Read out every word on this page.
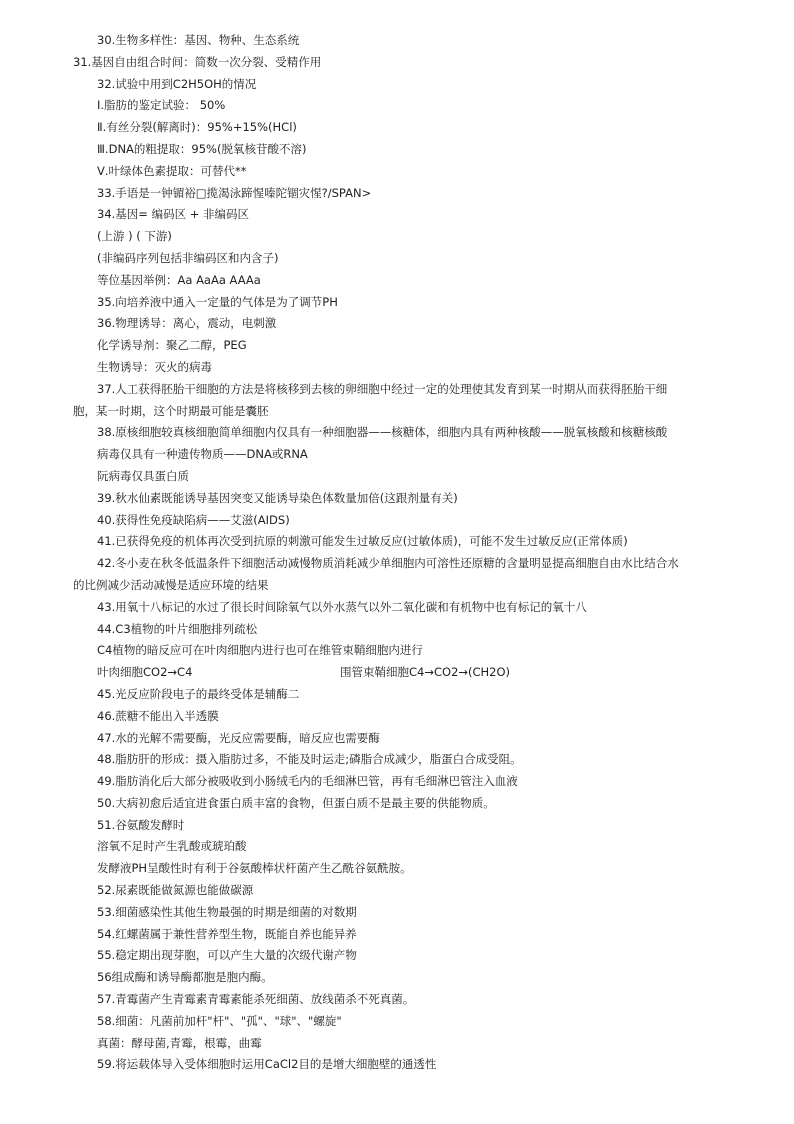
30.生物多样性：基因、物种、生态系统
31.基因自由组合时间：简数一次分裂、受精作用
32.试验中用到C2H5OH的情况
Ⅰ.脂肪的鉴定试验： 50%
Ⅱ.有丝分裂(解离时)：95%+15%(HCl)
Ⅲ.DNA的粗提取：95%(脱氧核苷酸不溶)
Ⅴ.叶绿体色素提取：可替代**
33.手语是一钟镅裕□揽渴泳蹄惺嗪陀锢灾惺?/SPAN>
34.基因= 编码区 + 非编码区
(上游 ) ( 下游)
(非编码序列包括非编码区和内含子)
等位基因举例：Aa AaAa AAAa
35.向培养液中通入一定量的气体是为了调节PH
36.物理诱导：离心，震动，电刺激
化学诱导剂：聚乙二醇，PEG
生物诱导：灭火的病毒
37.人工获得胚胎干细胞的方法是将核移到去核的卵细胞中经过一定的处理使其发育到某一时期从而获得胚胎干细
胞，某一时期，这个时期最可能是囊胚
38.原核细胞较真核细胞简单细胞内仅具有一种细胞器——核糖体，细胞内具有两种核酸——脱氧核酸和核糖核酸
病毒仅具有一种遗传物质——DNA或RNA
阮病毒仅具蛋白质
39.秋水仙素既能诱导基因突变又能诱导染色体数量加倍(这跟剂量有关)
40.获得性免疫缺陷病——艾滋(AIDS)
41.已获得免疫的机体再次受到抗原的刺激可能发生过敏反应(过敏体质)，可能不发生过敏反应(正常体质)
42.冬小麦在秋冬低温条件下细胞活动减慢物质消耗减少单细胞内可溶性还原糖的含量明显提高细胞自由水比结合水
的比例减少活动减慢是适应环境的结果
43.用氧十八标记的水过了很长时间除氧气以外水蒸气以外二氧化碳和有机物中也有标记的氧十八
44.C3植物的叶片细胞排列疏松
C4植物的暗反应可在叶肉细胞内进行也可在维管束鞘细胞内进行
叶肉细胞CO2→C4	围管束鞘细胞C4→CO2→(CH2O)
45.光反应阶段电子的最终受体是辅酶二
46.蔗糖不能出入半透膜
47.水的光解不需要酶，光反应需要酶，暗反应也需要酶
48.脂肪肝的形成：摄入脂肪过多，不能及时运走;磷脂合成减少，脂蛋白合成受阻。
49.脂肪消化后大部分被吸收到小肠绒毛内的毛细淋巴管，再有毛细淋巴管注入血液
50.大病初愈后适宜进食蛋白质丰富的食物，但蛋白质不是最主要的供能物质。
51.谷氨酸发酵时
溶氧不足时产生乳酸或琥珀酸
发酵液PH呈酸性时有利于谷氨酸棒状杆菌产生乙酰谷氨酰胺。
52.尿素既能做氮源也能做碳源
53.细菌感染性其他生物最强的时期是细菌的对数期
54.红螺菌属于兼性营养型生物，既能自养也能异养
55.稳定期出现芽胞，可以产生大量的次级代谢产物
56组成酶和诱导酶都胞是胞内酶。
57.青霉菌产生青霉素青霉素能杀死细菌、放线菌杀不死真菌。
58.细菌：凡菌前加杆"杆"、"孤"、"球"、"螺旋"
真菌：酵母菌,青霉，根霉，曲霉
59.将运载体导入受体细胞时运用CaCl2目的是增大细胞壁的通透性
